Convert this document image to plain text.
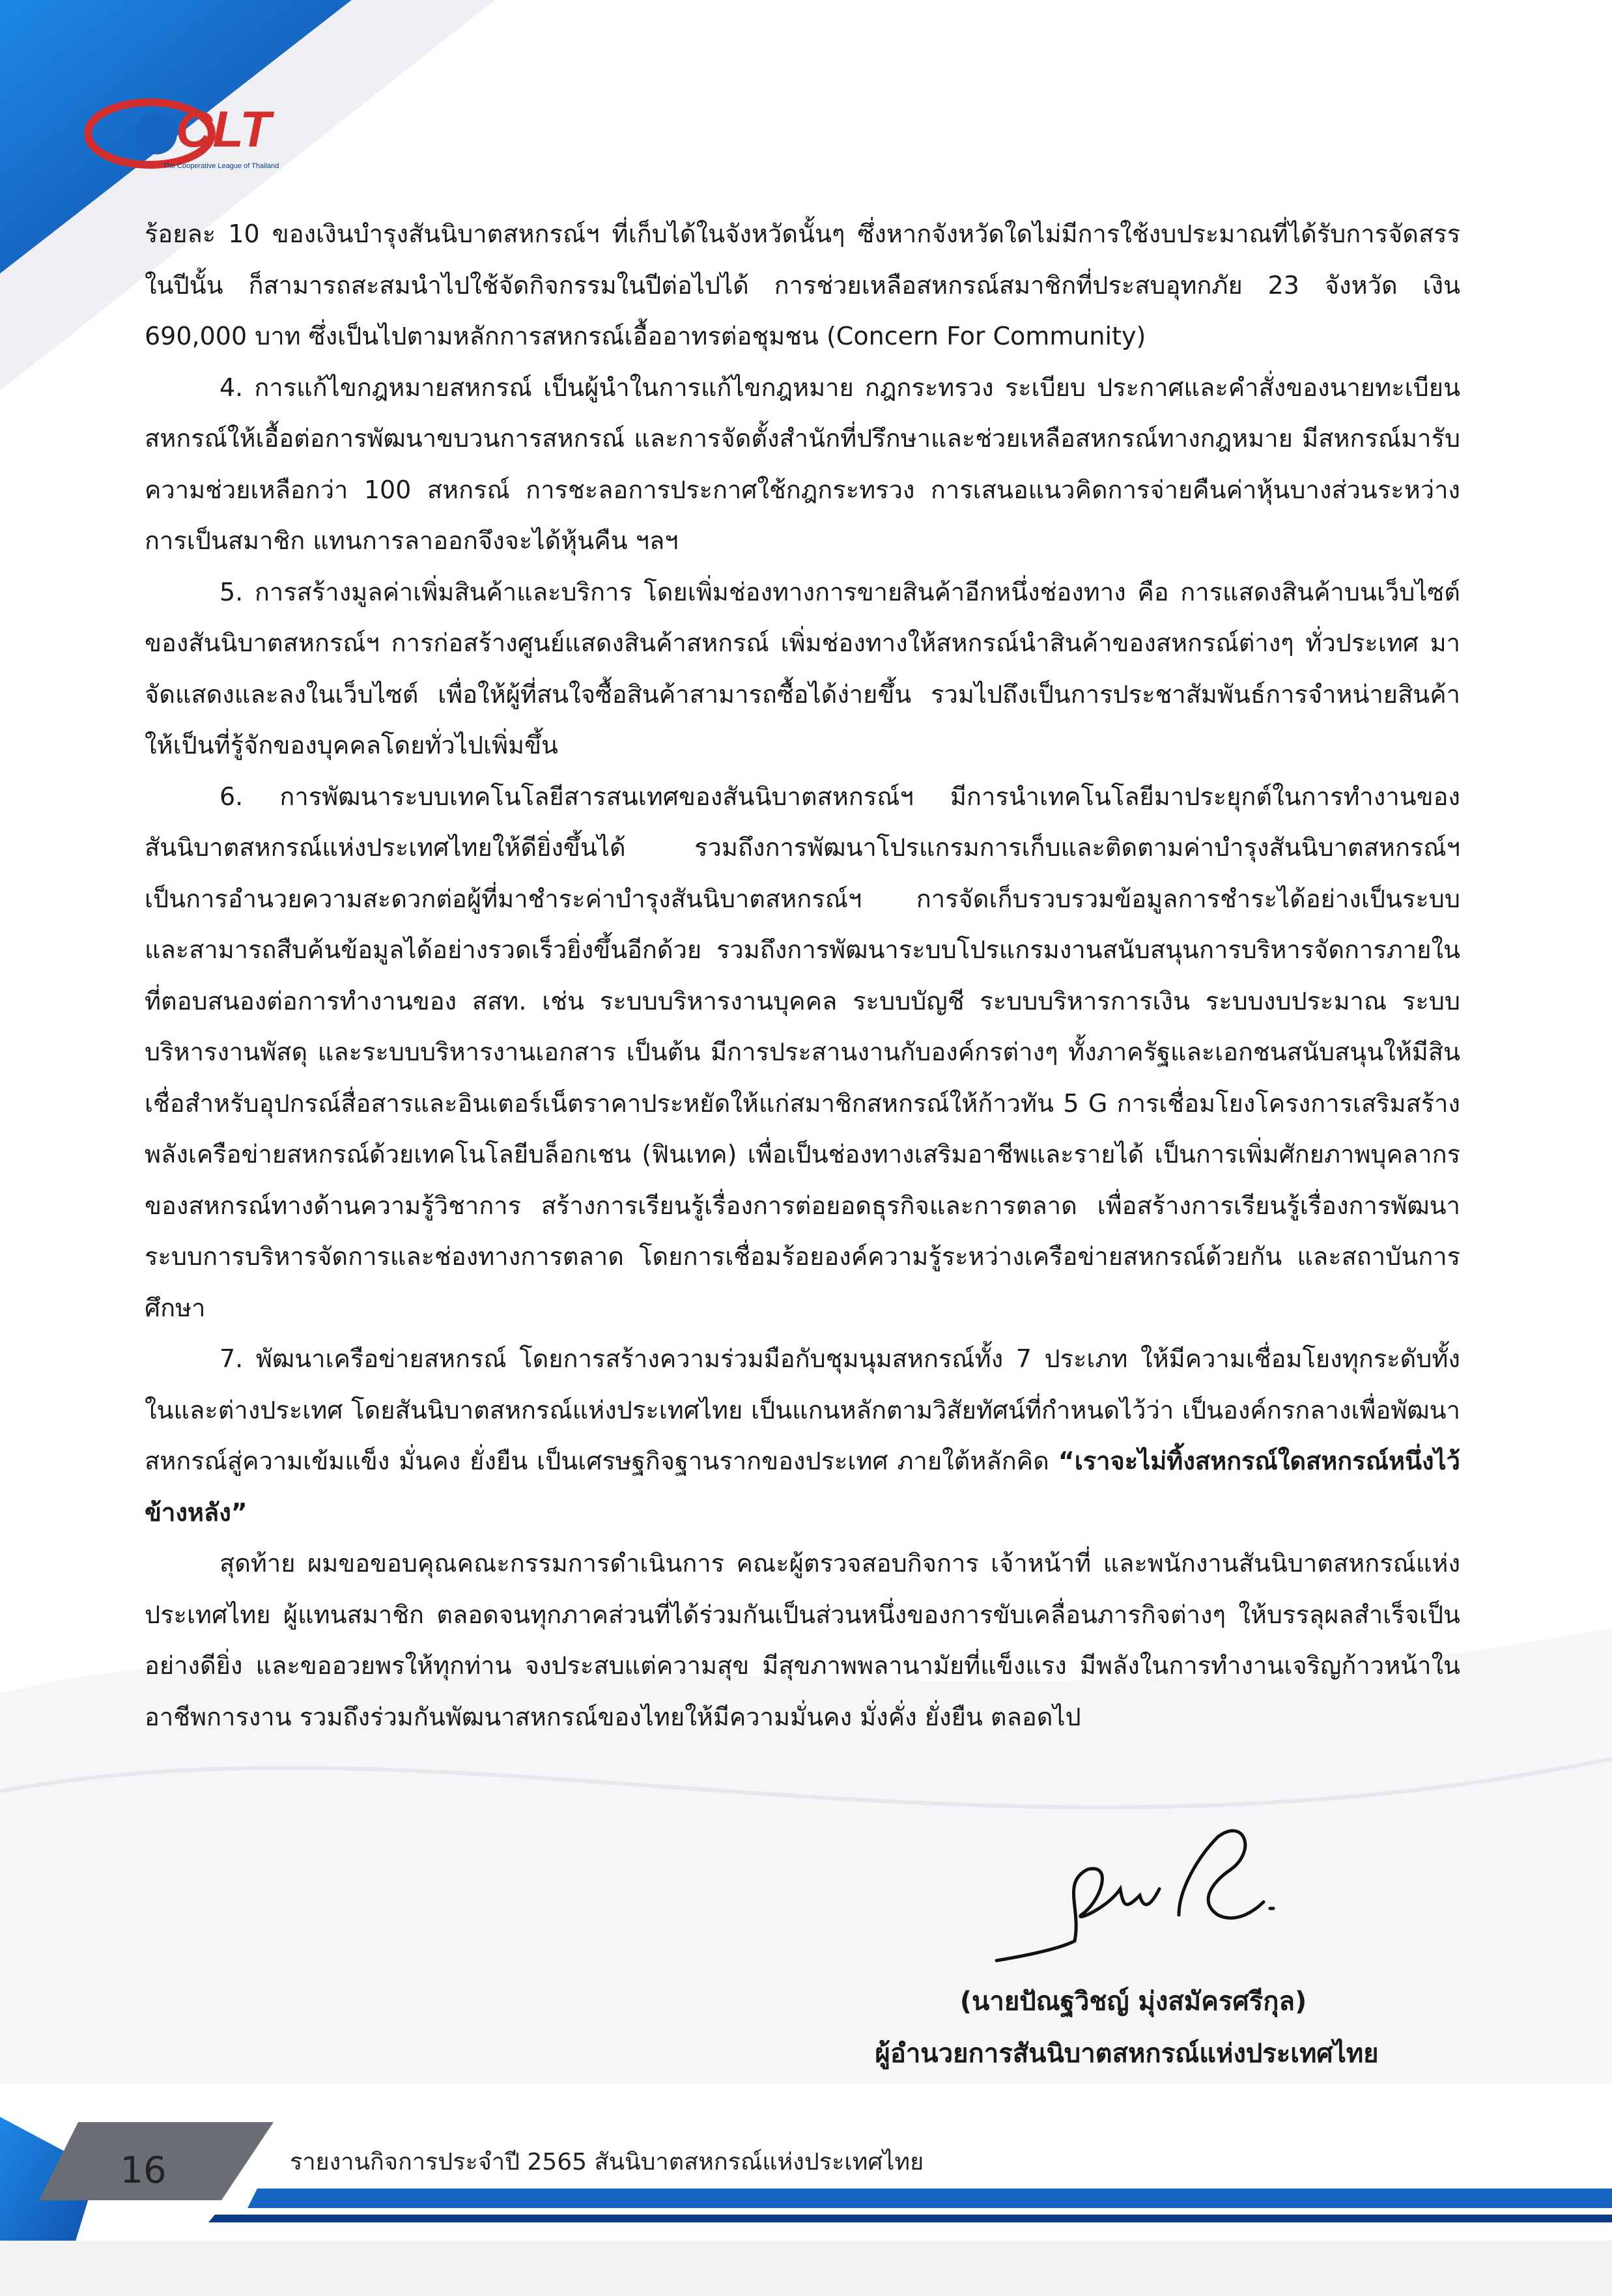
CLT
The Cooperative League of Thailand

ร้อยละ 10 ของเงินบำรุงสันนิบาตสหกรณ์ฯ ที่เก็บได้ในจังหวัดนั้นๆ ซึ่งหากจังหวัดใดไม่มีการใช้งบประมาณที่ได้รับการจัดสรรในปีนั้น ก็สามารถสะสมนำไปใช้จัดกิจกรรมในปีต่อไปได้ การช่วยเหลือสหกรณ์สมาชิกที่ประสบอุทกภัย 23 จังหวัด เงิน 690,000 บาท ซึ่งเป็นไปตามหลักการสหกรณ์เอื้ออาทรต่อชุมชน (Concern For Community)

4. การแก้ไขกฎหมายสหกรณ์ เป็นผู้นำในการแก้ไขกฎหมาย กฎกระทรวง ระเบียบ ประกาศและคำสั่งของนายทะเบียน สหกรณ์ให้เอื้อต่อการพัฒนาขบวนการสหกรณ์ และการจัดตั้งสำนักที่ปรึกษาและช่วยเหลือสหกรณ์ทางกฎหมาย มีสหกรณ์มารับความช่วยเหลือกว่า 100 สหกรณ์ การชะลอการประกาศใช้กฎกระทรวง การเสนอแนวคิดการจ่ายคืนค่าหุ้นบางส่วนระหว่างการเป็นสมาชิก แทนการลาออกจึงจะได้หุ้นคืน ฯลฯ

5. การสร้างมูลค่าเพิ่มสินค้าและบริการ โดยเพิ่มช่องทางการขายสินค้าอีกหนึ่งช่องทาง คือ การแสดงสินค้าบนเว็บไซต์ของสันนิบาตสหกรณ์ฯ การก่อสร้างศูนย์แสดงสินค้าสหกรณ์ เพิ่มช่องทางให้สหกรณ์นำสินค้าของสหกรณ์ต่างๆ ทั่วประเทศ มาจัดแสดงและลงในเว็บไซต์ เพื่อให้ผู้ที่สนใจซื้อสินค้าสามารถซื้อได้ง่ายขึ้น รวมไปถึงเป็นการประชาสัมพันธ์การจำหน่ายสินค้าให้เป็นที่รู้จักของบุคคลโดยทั่วไปเพิ่มขึ้น

6. การพัฒนาระบบเทคโนโลยีสารสนเทศของสันนิบาตสหกรณ์ฯ มีการนำเทคโนโลยีมาประยุกต์ในการทำงานของสันนิบาตสหกรณ์แห่งประเทศไทยให้ดียิ่งขึ้นได้ รวมถึงการพัฒนาโปรแกรมการเก็บและติดตามค่าบำรุงสันนิบาตสหกรณ์ฯ เป็นการอำนวยความสะดวกต่อผู้ที่มาชำระค่าบำรุงสันนิบาตสหกรณ์ฯ การจัดเก็บรวบรวมข้อมูลการชำระได้อย่างเป็นระบบ และสามารถสืบค้นข้อมูลได้อย่างรวดเร็วยิ่งขึ้นอีกด้วย รวมถึงการพัฒนาระบบโปรแกรมงานสนับสนุนการบริหารจัดการภายในที่ตอบสนองต่อการทำงานของ สสท. เช่น ระบบบริหารงานบุคคล ระบบบัญชี ระบบบริหารการเงิน ระบบงบประมาณ ระบบบริหารงานพัสดุ และระบบบริหารงานเอกสาร เป็นต้น มีการประสานงานกับองค์กรต่างๆ ทั้งภาครัฐและเอกชนสนับสนุนให้มีสินเชื่อสำหรับอุปกรณ์สื่อสารและอินเตอร์เน็ตราคาประหยัดให้แก่สมาชิกสหกรณ์ให้ก้าวทัน 5 G การเชื่อมโยงโครงการเสริมสร้างพลังเครือข่ายสหกรณ์ด้วยเทคโนโลยีบล็อกเชน (ฟินเทค) เพื่อเป็นช่องทางเสริมอาชีพและรายได้ เป็นการเพิ่มศักยภาพบุคลากรของสหกรณ์ทางด้านความรู้วิชาการ สร้างการเรียนรู้เรื่องการต่อยอดธุรกิจและการตลาด เพื่อสร้างการเรียนรู้เรื่องการพัฒนาระบบการบริหารจัดการและช่องทางการตลาด โดยการเชื่อมร้อยองค์ความรู้ระหว่างเครือข่ายสหกรณ์ด้วยกัน และสถาบันการศึกษา

7. พัฒนาเครือข่ายสหกรณ์ โดยการสร้างความร่วมมือกับชุมนุมสหกรณ์ทั้ง 7 ประเภท ให้มีความเชื่อมโยงทุกระดับทั้งในและต่างประเทศ โดยสันนิบาตสหกรณ์แห่งประเทศไทย เป็นแกนหลักตามวิสัยทัศน์ที่กำหนดไว้ว่า เป็นองค์กรกลางเพื่อพัฒนาสหกรณ์สู่ความเข้มแข็ง มั่นคง ยั่งยืน เป็นเศรษฐกิจฐานรากของประเทศ ภายใต้หลักคิด “เราจะไม่ทิ้งสหกรณ์ใดสหกรณ์หนึ่งไว้ข้างหลัง”

สุดท้าย ผมขอขอบคุณคณะกรรมการดำเนินการ คณะผู้ตรวจสอบกิจการ เจ้าหน้าที่ และพนักงานสันนิบาตสหกรณ์แห่งประเทศไทย ผู้แทนสมาชิก ตลอดจนทุกภาคส่วนที่ได้ร่วมกันเป็นส่วนหนึ่งของการขับเคลื่อนภารกิจต่างๆ ให้บรรลุผลสำเร็จเป็นอย่างดียิ่ง และขออวยพรให้ทุกท่าน จงประสบแต่ความสุข มีสุขภาพพลานามัยที่แข็งแรง มีพลังในการทำงานเจริญก้าวหน้าในอาชีพการงาน รวมถึงร่วมกันพัฒนาสหกรณ์ของไทยให้มีความมั่นคง มั่งคั่ง ยั่งยืน ตลอดไป

(นายปัณฐวิชญ์ มุ่งสมัครศรีกุล)
ผู้อำนวยการสันนิบาตสหกรณ์แห่งประเทศไทย
16	รายงานกิจการประจำปี 2565 สันนิบาตสหกรณ์แห่งประเทศไทย
